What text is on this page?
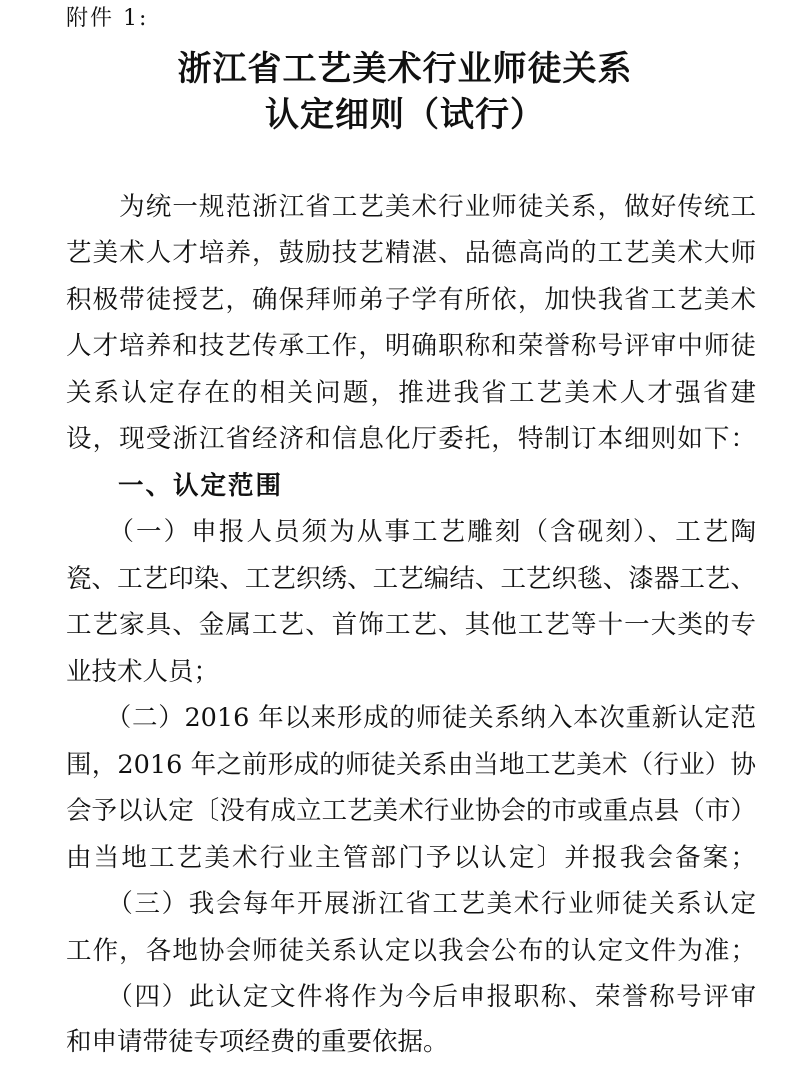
附件 1:
浙江省工艺美术行业师徒关系
认定细则（试行）
　　为统一规范浙江省工艺美术行业师徒关系，做好传统工
艺美术人才培养，鼓励技艺精湛、品德高尚的工艺美术大师
积极带徒授艺，确保拜师弟子学有所依，加快我省工艺美术
人才培养和技艺传承工作，明确职称和荣誉称号评审中师徒
关系认定存在的相关问题，推进我省工艺美术人才强省建
设，现受浙江省经济和信息化厅委托，特制订本细则如下：
一、认定范围
　　（一）申报人员须为从事工艺雕刻（含砚刻）、工艺陶
瓷、工艺印染、工艺织绣、工艺编结、工艺织毯、漆器工艺、
工艺家具、金属工艺、首饰工艺、其他工艺等十一大类的专
业技术人员；
　　（二）2016 年以来形成的师徒关系纳入本次重新认定范
围，2016 年之前形成的师徒关系由当地工艺美术（行业）协
会予以认定〔没有成立工艺美术行业协会的市或重点县（市）
由当地工艺美术行业主管部门予以认定〕并报我会备案；
　　（三）我会每年开展浙江省工艺美术行业师徒关系认定
工作，各地协会师徒关系认定以我会公布的认定文件为准；
　　（四）此认定文件将作为今后申报职称、荣誉称号评审
和申请带徒专项经费的重要依据。
